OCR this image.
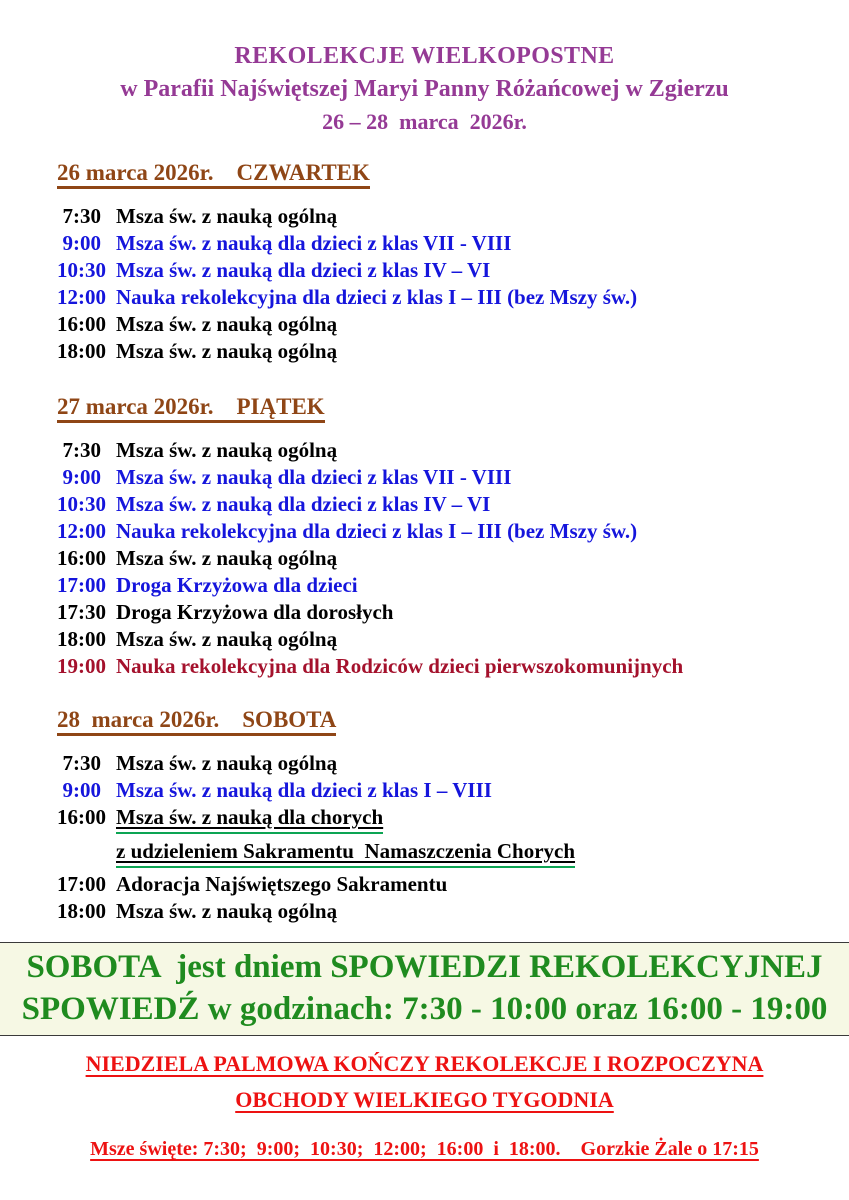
REKOLEKCJE WIELKOPOSTNE
w Parafii Najświętszej Maryi Panny Różańcowej w Zgierzu
26 – 28  marca  2026r.
26 marca 2026r.    CZWARTEK
7:30 Msza św. z nauką ogólną
9:00 Msza św. z nauką dla dzieci z klas VII - VIII
10:30 Msza św. z nauką dla dzieci z klas IV – VI
12:00 Nauka rekolekcyjna dla dzieci z klas I – III (bez Mszy św.)
16:00 Msza św. z nauką ogólną
18:00 Msza św. z nauką ogólną
27 marca 2026r.    PIĄTEK
7:30 Msza św. z nauką ogólną
9:00 Msza św. z nauką dla dzieci z klas VII - VIII
10:30 Msza św. z nauką dla dzieci z klas IV – VI
12:00 Nauka rekolekcyjna dla dzieci z klas I – III (bez Mszy św.)
16:00 Msza św. z nauką ogólną
17:00 Droga Krzyżowa dla dzieci
17:30 Droga Krzyżowa dla dorosłych
18:00 Msza św. z nauką ogólną
19:00 Nauka rekolekcyjna dla Rodziców dzieci pierwszokomunijnych
28  marca 2026r.    SOBOTA
7:30 Msza św. z nauką ogólną
9:00 Msza św. z nauką dla dzieci z klas I – VIII
16:00 Msza św. z nauką dla chorych
z udzieleniem Sakramentu  Namaszczenia Chorych
17:00 Adoracja Najświętszego Sakramentu
18:00 Msza św. z nauką ogólną
SOBOTA  jest dniem SPOWIEDZI REKOLEKCYJNEJ
SPOWIEDŹ w godzinach: 7:30 - 10:00 oraz 16:00 - 19:00
NIEDZIELA PALMOWA KOŃCZY REKOLEKCJE I ROZPOCZYNA
OBCHODY WIELKIEGO TYGODNIA
Msze święte: 7:30;  9:00;  10:30;  12:00;  16:00  i  18:00.    Gorzkie Żale o 17:15
